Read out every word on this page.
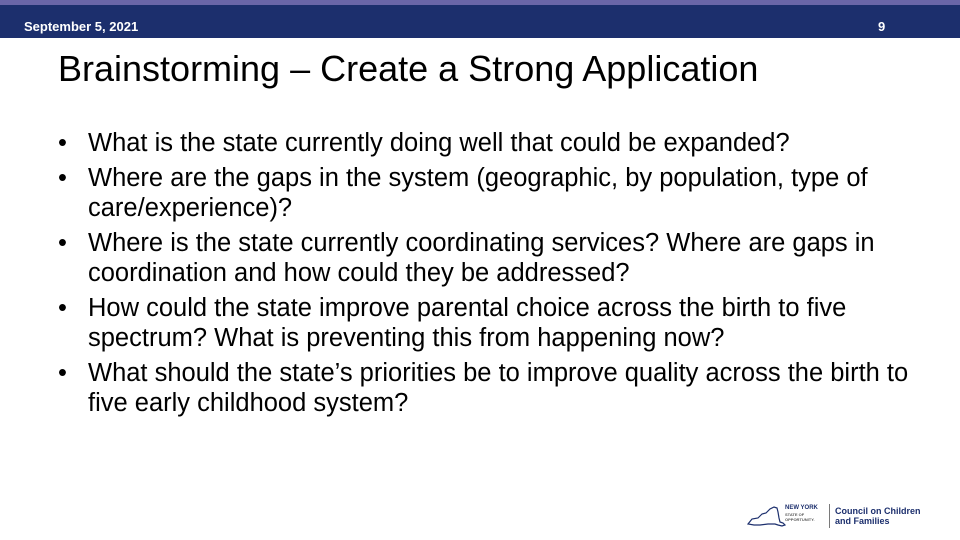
September 5, 2021	9
Brainstorming – Create a Strong Application
• What is the state currently doing well that could be expanded?
• Where are the gaps in the system (geographic, by population, type of care/experience)?
• Where is the state currently coordinating services? Where are gaps in coordination and how could they be addressed?
• How could the state improve parental choice across the birth to five spectrum? What is preventing this from happening now?
• What should the state’s priorities be to improve quality across the birth to five early childhood system?
NEW YORK
STATE OF
OPPORTUNITY.
Council on Children
and Families
